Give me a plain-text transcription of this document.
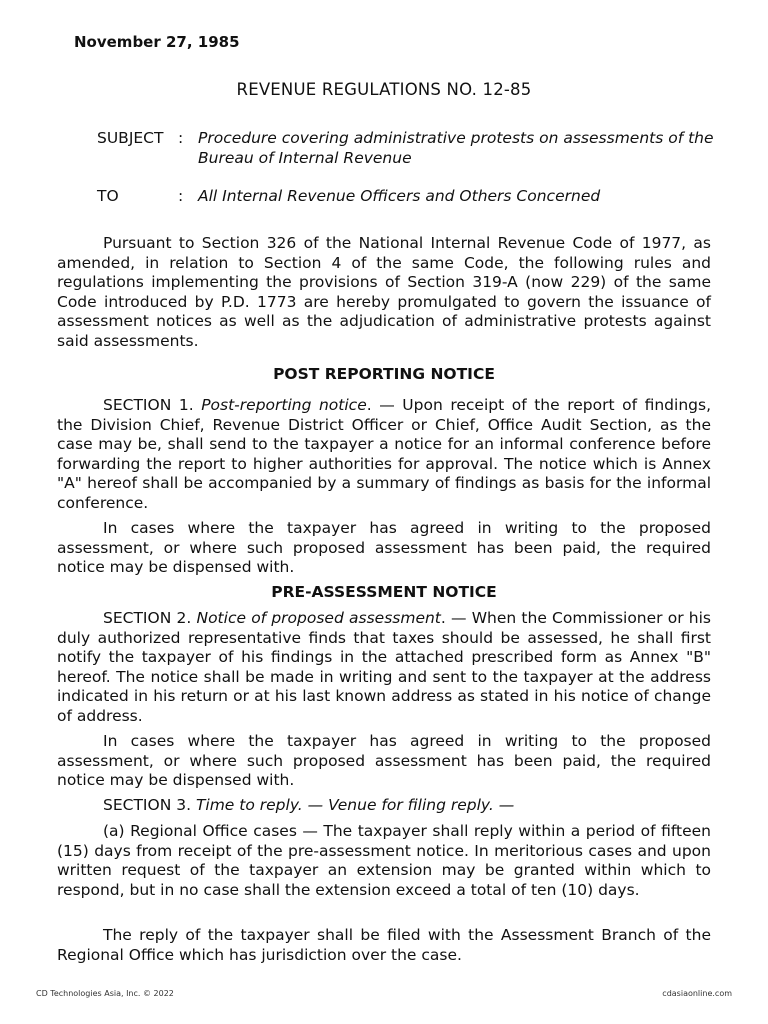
November 27, 1985
REVENUE REGULATIONS NO. 12-85
SUBJECT : Procedure covering administrative protests on assessments of the Bureau of Internal Revenue
TO	: All Internal Revenue Officers and Others Concerned

Pursuant to Section 326 of the National Internal Revenue Code of 1977, as amended, in relation to Section 4 of the same Code, the following rules and regulations implementing the provisions of Section 319-A (now 229) of the same Code introduced by P.D. 1773 are hereby promulgated to govern the issuance of assessment notices as well as the adjudication of administrative protests against said assessments.

POST REPORTING NOTICE

SECTION 1. Post-reporting notice. — Upon receipt of the report of findings, the Division Chief, Revenue District Officer or Chief, Office Audit Section, as the case may be, shall send to the taxpayer a notice for an informal conference before forwarding the report to higher authorities for approval. The notice which is Annex "A" hereof shall be accompanied by a summary of findings as basis for the informal conference.

In cases where the taxpayer has agreed in writing to the proposed assessment, or where such proposed assessment has been paid, the required notice may be dispensed with.

PRE-ASSESSMENT NOTICE

SECTION 2. Notice of proposed assessment. — When the Commissioner or his duly authorized representative finds that taxes should be assessed, he shall first notify the taxpayer of his findings in the attached prescribed form as Annex "B" hereof. The notice shall be made in writing and sent to the taxpayer at the address indicated in his return or at his last known address as stated in his notice of change of address.

In cases where the taxpayer has agreed in writing to the proposed assessment, or where such proposed assessment has been paid, the required notice may be dispensed with.

SECTION 3. Time to reply. — Venue for filing reply. —

(a) Regional Office cases — The taxpayer shall reply within a period of fifteen (15) days from receipt of the pre-assessment notice. In meritorious cases and upon written request of the taxpayer an extension may be granted within which to respond, but in no case shall the extension exceed a total of ten (10) days.

The reply of the taxpayer shall be filed with the Assessment Branch of the Regional Office which has jurisdiction over the case.

CD Technologies Asia, Inc. © 2022	cdasiaonline.com
